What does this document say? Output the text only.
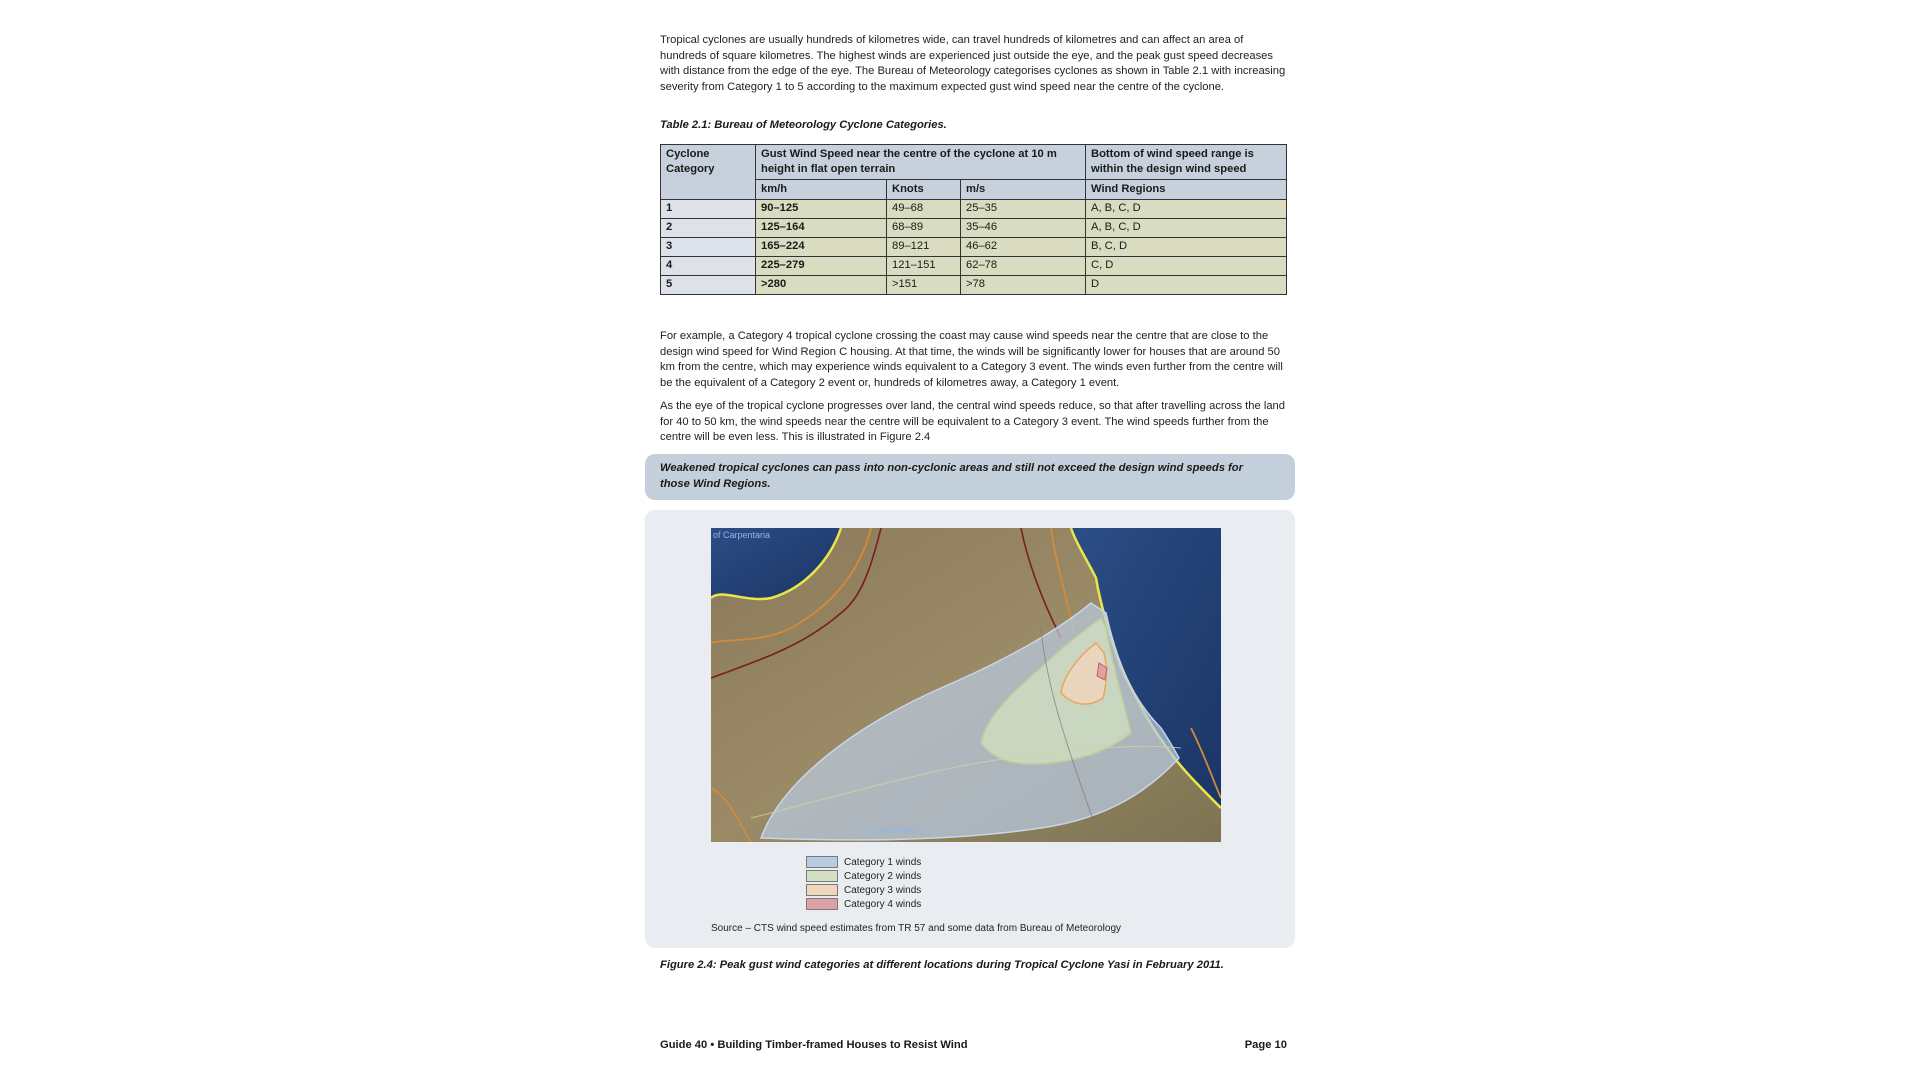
Tropical cyclones are usually hundreds of kilometres wide, can travel hundreds of kilometres and can affect an area of hundreds of square kilometres. The highest winds are experienced just outside the eye, and the peak gust speed decreases with distance from the edge of the eye. The Bureau of Meteorology categorises cyclones as shown in Table 2.1 with increasing severity from Category 1 to 5 according to the maximum expected gust wind speed near the centre of the cyclone.

Table 2.1: Bureau of Meteorology Cyclone Categories.

Cyclone Category	Gust Wind Speed near the centre of the cyclone at 10 m height in flat open terrain			Bottom of wind speed range is within the design wind speed
	km/h	Knots	m/s	Wind Regions
1	90–125	49–68	25–35	A, B, C, D
2	125–164	68–89	35–46	A, B, C, D
3	165–224	89–121	46–62	B, C, D
4	225–279	121–151	62–78	C, D
5	>280	>151	>78	D

For example, a Category 4 tropical cyclone crossing the coast may cause wind speeds near the centre that are close to the design wind speed for Wind Region C housing. At that time, the winds will be significantly lower for houses that are around 50 km from the centre, which may experience winds equivalent to a Category 3 event. The winds even further from the centre will be the equivalent of a Category 2 event or, hundreds of kilometres away, a Category 1 event.

As the eye of the tropical cyclone progresses over land, the central wind speeds reduce, so that after travelling across the land for 40 to 50 km, the wind speeds near the centre will be equivalent to a Category 3 event. The wind speeds further from the centre will be even less. This is illustrated in Figure 2.4

Weakened tropical cyclones can pass into non-cyclonic areas and still not exceed the design wind speeds for those Wind Regions.

of Carpentaria
Queensland
Category 1 winds
Category 2 winds
Category 3 winds
Category 4 winds
Source – CTS wind speed estimates from TR 57 and some data from Bureau of Meteorology

Figure 2.4: Peak gust wind categories at different locations during Tropical Cyclone Yasi in February 2011.

Guide 40 • Building Timber-framed Houses to Resist Wind	Page 10
